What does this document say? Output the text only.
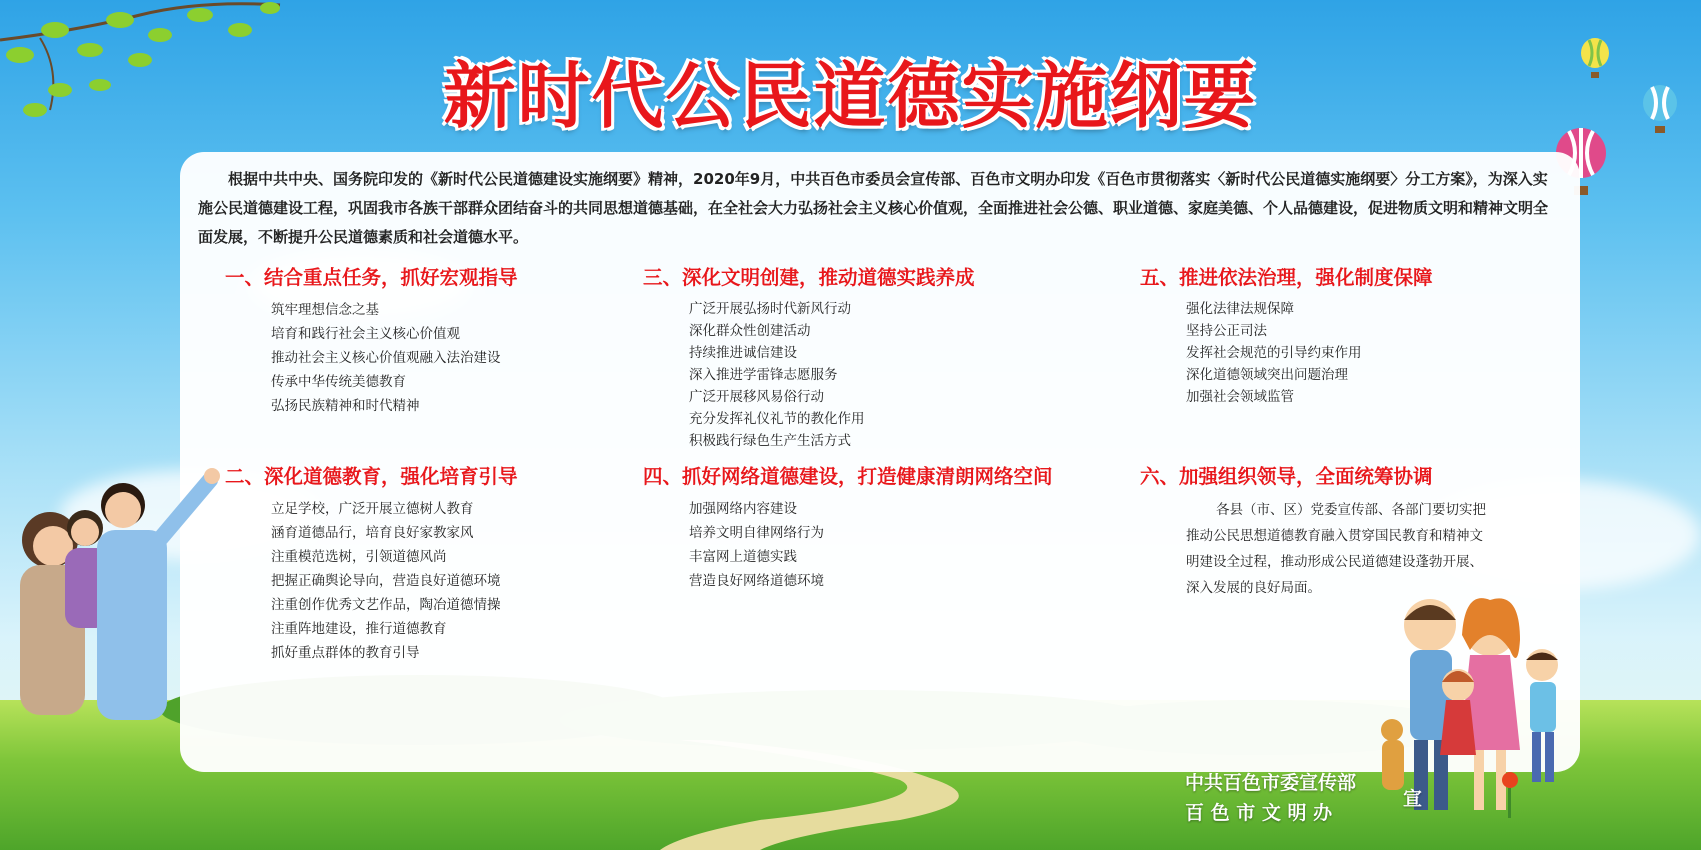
新时代公民道德实施纲要
根据中共中央、国务院印发的《新时代公民道德建设实施纲要》精神，2020年9月，中共百色市委员会宣传部、百色市文明办印发《百色市贯彻落实〈新时代公民道德实施纲要〉分工方案》，为深入实施公民道德建设工程，巩固我市各族干部群众团结奋斗的共同思想道德基础，在全社会大力弘扬社会主义核心价值观，全面推进社会公德、职业道德、家庭美德、个人品德建设，促进物质文明和精神文明全面发展，不断提升公民道德素质和社会道德水平。
一、结合重点任务，抓好宏观指导
筑牢理想信念之基
培育和践行社会主义核心价值观
推动社会主义核心价值观融入法治建设
传承中华传统美德教育
弘扬民族精神和时代精神
二、深化道德教育，强化培育引导
立足学校，广泛开展立德树人教育
涵育道德品行，培育良好家教家风
注重模范选树，引领道德风尚
把握正确舆论导向，营造良好道德环境
注重创作优秀文艺作品，陶冶道德情操
注重阵地建设，推行道德教育
抓好重点群体的教育引导
三、深化文明创建，推动道德实践养成
广泛开展弘扬时代新风行动
深化群众性创建活动
持续推进诚信建设
深入推进学雷锋志愿服务
广泛开展移风易俗行动
充分发挥礼仪礼节的教化作用
积极践行绿色生产生活方式
四、抓好网络道德建设，打造健康清朗网络空间
加强网络内容建设
培养文明自律网络行为
丰富网上道德实践
营造良好网络道德环境
五、推进依法治理，强化制度保障
强化法律法规保障
坚持公正司法
发挥社会规范的引导约束作用
深化道德领域突出问题治理
加强社会领域监管
六、加强组织领导，全面统筹协调
各县（市、区）党委宣传部、各部门要切实把推动公民思想道德教育融入贯穿国民教育和精神文明建设全过程，推动形成公民道德建设蓬勃开展、深入发展的良好局面。
中共百色市委宣传部
百 色 市 文 明 办
宣
